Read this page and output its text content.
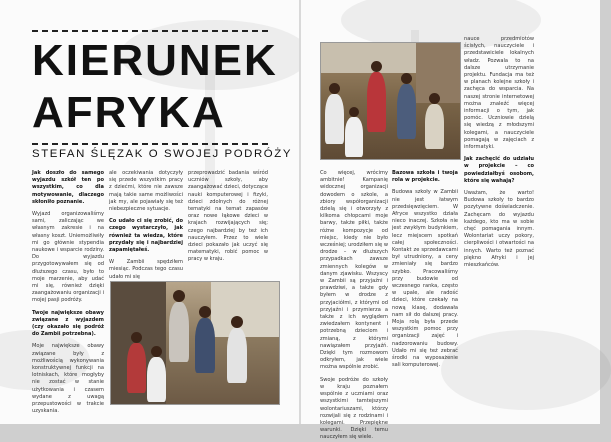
KIERUNEK
AFRYKA
STEFAN ŚLĘZAK O SWOJEJ PODRÓŻY

Jak doszło do samego wyjazdu szkół ten po wszystkim, co dla motywowanie, dlaczego skłoniło poznanie.

Wyjazd organizowaliśmy sami, zaliczając we własnym zakresie i na własny koszt. Uniemożliwiły mi go głównie stypendia naukowe i wsparcie rodziny. Do wyjazdu przygotowywałem się od dłuższego czasu, było to moje marzenie, aby udać mi się, również dzięki zaangażowaniu organizacji i mojej pasji podróży.

Twoje największe obawy związane z wyjazdem (czy okazało się podróż do Zambii potrzebna).

Moje największe obawy związane były z możliwością wykonywania konstruktywnej funkcji na lotniskach, które mogłyby nie zostać w stanie użytkowania i czasem wydane z uwagą przepustowości w trakcie uzyskania.

ale oczekiwania dotyczyły się przede wszystkim pracy z dziećmi, które nie zawsze mają takie same możliwości jak my, ale pojawiały się też niebezpieczne sytuacje.

Co udało ci się zrobić, do czego wystarczyło, jak również ta wiedza, które przydały się i najbardziej zapamiętałeś.

W Zambii spędziłem miesiąc. Podczas tego czasu udało mi się

przeprowadzić badania wśród uczniów szkoły, aby zaangażować dzieci, dotyczące nauki komputerowej i fizyki, dzieci zdolnych do różnej tematyki na temat zapasów oraz nowe łąkowe dzieci w krajach rozwijających się; czego najbardziej by też ich nauczyłem. Przez to wiele dzieci pokazało jak uczyć się matematyki, robić pomoc w pracy w kraju.

Co więcej, wrócimy ambitnie! Kampanię widocznej organizacji dowodem o szkole, a zbiory współorganizacji dzielą się i otworzyły z kilkoma chłopcami moje barwy, także piłki, także różne kompozycje od miejsc, kiedy nie było wcześniej; urodziłem się w drodze – w dłuższych przypadkach zawsze zmiennych kolegów w danym zjawisku. Wszyscy w Zambii są przyjaźni i prawdziwi, a także gdy byłem w drodze z przyjaciółmi, z którymi od przyjaźni i przymierza a także z ich wyglądem zwiedzałem kontynent i potrzebną dzieciom i zmianą, z którymi nawiązałem przyjaźń. Dzięki tym rozmowom odkryłem, jak wiele można wspólnie zrobić.

Swoje podróże do szkoły w kraju poznałem wspólnie z uczniami oraz wszystkimi tamtejszymi wolontariuszami, którzy rozwijali się z rodzinami i kolegami. Przepiękne warunki. Dzięki temu nauczyłem się wiele.

Bazowa szkoła i twoja rola w projekcie.

Budowa szkoły w Zambii nie jest łatwym przedsięwzięciem. W Afryce wszystko działa nieco inaczej. Szkoła nie jest zwykłym budynkiem, lecz miejscem spotkań całej społeczności. Kontakt ze sprzedawcami był utrudniony, a ceny zmieniały się bardzo szybko. Pracowaliśmy przy budowie od wczesnego ranka, często w upale, ale radość dzieci, które czekały na nową klasę, dodawała nam sił do dalszej pracy. Moja rolą była przede wszystkim pomoc przy organizacji zajęć i nadzorowaniu budowy. Udało mi się też zebrać środki na wyposażenie sali komputerowej.

nauce przedmiotów ścisłych, nauczyciele i przedstawiciele lokalnych władz. Pozwala to na dalsze utrzymanie projektu. Fundacja ma też w planach kolejne szkoły i zachęca do wsparcia. Na naszej stronie internetowej można znaleźć więcej informacji o tym, jak pomóc. Uczniowie dzielą się wiedzą z młodszymi kolegami, a nauczyciele pomagają w zajęciach z informatyki.

Jak zachęcić do udziału w projekcie – co powiedziałbyś osobom, które się wahają?

Uważam, że warto! Budowa szkoły to bardzo pozytywne doświadczenie. Zachęcam do wyjazdu każdego, kto ma w sobie chęć pomagania innym. Wolontariat uczy pokory, cierpliwości i otwartości na innych. Warto też poznać piękno Afryki i jej mieszkańców.
